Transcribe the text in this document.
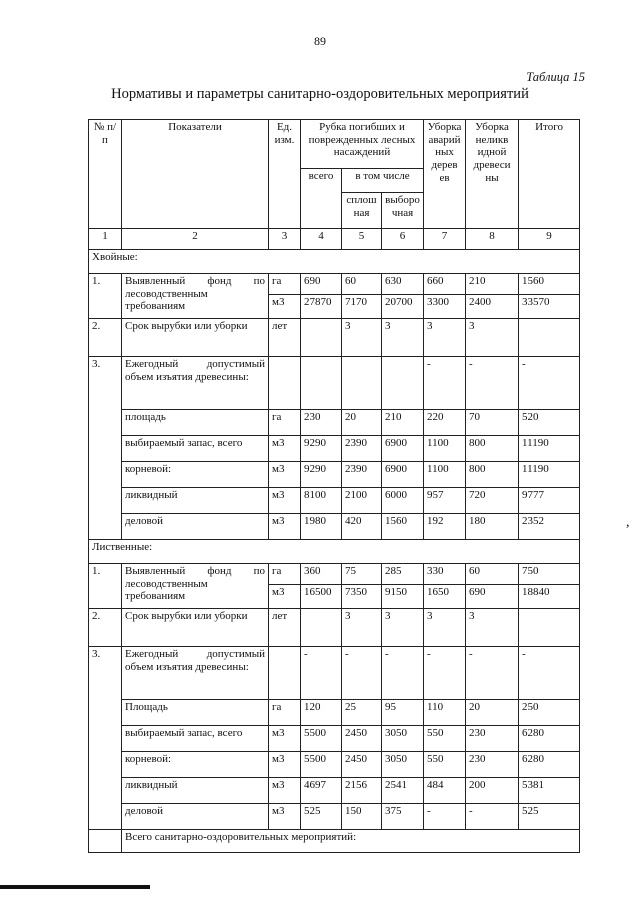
89
Таблица 15
Нормативы и параметры санитарно-оздоровительных мероприятий
№ п/п	Показатели	Ед. изм.	Рубка погибших и поврежденных лесных насаждений			Уборка аварий ных дерев ев	Уборка неликв идной древеси ны	Итого
			всего	в том числе				
				сплош ная	выборо чная			
1	2	3	4	5	6	7	8	9
Хвойные:								
1.	Выявленный фонд по лесоводственным требованиям	га	690	60	630	660	210	1560
		м3	27870	7170	20700	3300	2400	33570
2.	Срок вырубки или уборки	лет		3	3	3	3	
3.	Ежегодный допустимый объем изъятия древесины:					-	-	-
	площадь	га	230	20	210	220	70	520
	выбираемый запас, всего	м3	9290	2390	6900	1100	800	11190
	корневой:	м3	9290	2390	6900	1100	800	11190
	ликвидный	м3	8100	2100	6000	957	720	9777
	деловой	м3	1980	420	1560	192	180	2352
Лиственные:								
1.	Выявленный фонд по лесоводственным требованиям	га	360	75	285	330	60	750
		м3	16500	7350	9150	1650	690	18840
2.	Срок вырубки или уборки	лет		3	3	3	3	
3.	Ежегодный допустимый объем изъятия древесины:		-	-	-	-	-	-
	Площадь	га	120	25	95	110	20	250
	выбираемый запас, всего	м3	5500	2450	3050	550	230	6280
	корневой:	м3	5500	2450	3050	550	230	6280
	ликвидный	м3	4697	2156	2541	484	200	5381
	деловой	м3	525	150	375	-	-	525
	Всего санитарно-оздоровительных мероприятий:							
,
